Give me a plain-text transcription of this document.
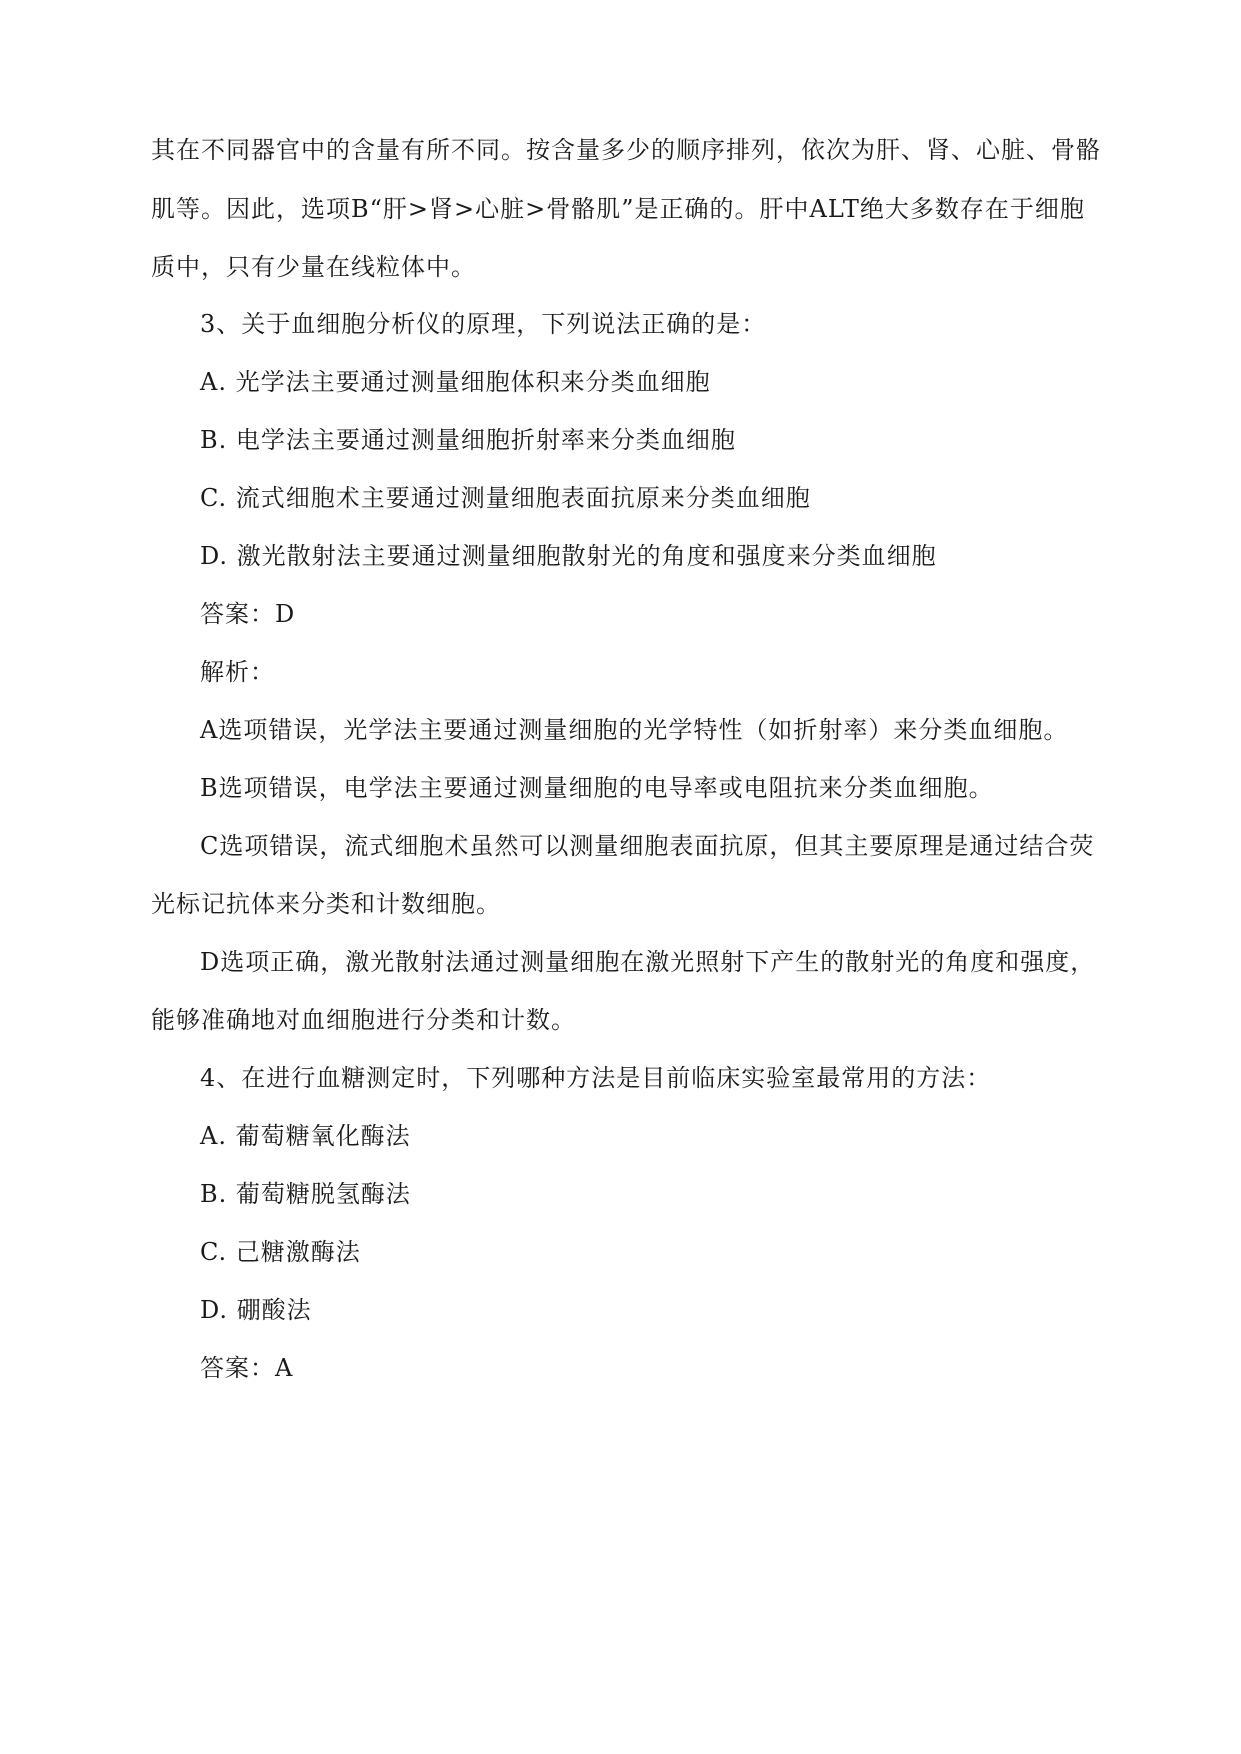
其在不同器官中的含量有所不同。按含量多少的顺序排列，依次为肝、肾、心脏、骨骼
肌等。因此，选项B“肝>肾>心脏>骨骼肌”是正确的。肝中ALT绝大多数存在于细胞
质中，只有少量在线粒体中。
3、关于血细胞分析仪的原理，下列说法正确的是：
A. 光学法主要通过测量细胞体积来分类血细胞
B. 电学法主要通过测量细胞折射率来分类血细胞
C. 流式细胞术主要通过测量细胞表面抗原来分类血细胞
D. 激光散射法主要通过测量细胞散射光的角度和强度来分类血细胞
答案：D
解析：
A选项错误，光学法主要通过测量细胞的光学特性（如折射率）来分类血细胞。
B选项错误，电学法主要通过测量细胞的电导率或电阻抗来分类血细胞。
C选项错误，流式细胞术虽然可以测量细胞表面抗原，但其主要原理是通过结合荧
光标记抗体来分类和计数细胞。
D选项正确，激光散射法通过测量细胞在激光照射下产生的散射光的角度和强度，
能够准确地对血细胞进行分类和计数。
4、在进行血糖测定时，下列哪种方法是目前临床实验室最常用的方法：
A. 葡萄糖氧化酶法
B. 葡萄糖脱氢酶法
C. 己糖激酶法
D. 硼酸法
答案：A
